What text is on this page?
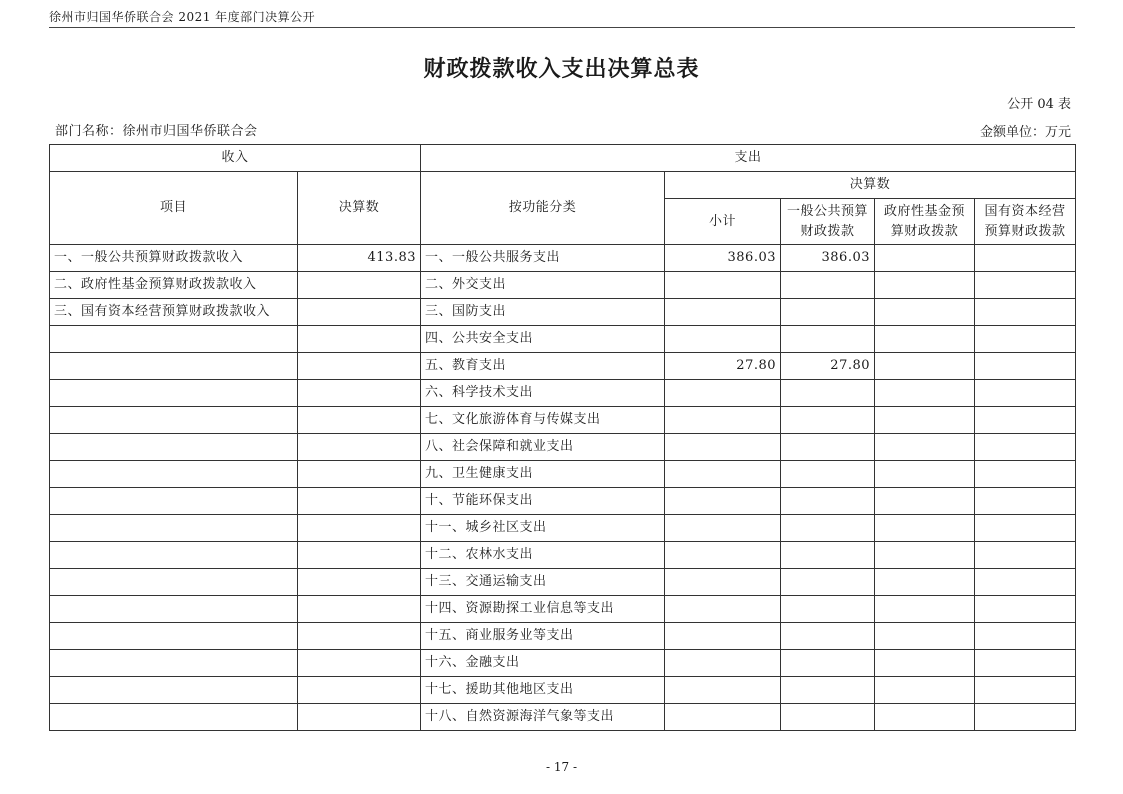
徐州市归国华侨联合会 2021 年度部门决算公开
财政拨款收入支出决算总表
公开 04 表
部门名称：徐州市归国华侨联合会	金额单位：万元
收入		支出				
项目	决算数	按功能分类	决算数			
			小计	一般公共预算财政拨款	政府性基金预算财政拨款	国有资本经营预算财政拨款
一、一般公共预算财政拨款收入	413.83	一、一般公共服务支出	386.03	386.03		
二、政府性基金预算财政拨款收入		二、外交支出				
三、国有资本经营预算财政拨款收入		三、国防支出				
		四、公共安全支出				
		五、教育支出	27.80	27.80		
		六、科学技术支出				
		七、文化旅游体育与传媒支出				
		八、社会保障和就业支出				
		九、卫生健康支出				
		十、节能环保支出				
		十一、城乡社区支出				
		十二、农林水支出				
		十三、交通运输支出				
		十四、资源勘探工业信息等支出				
		十五、商业服务业等支出				
		十六、金融支出				
		十七、援助其他地区支出				
		十八、自然资源海洋气象等支出				
- 17 -
